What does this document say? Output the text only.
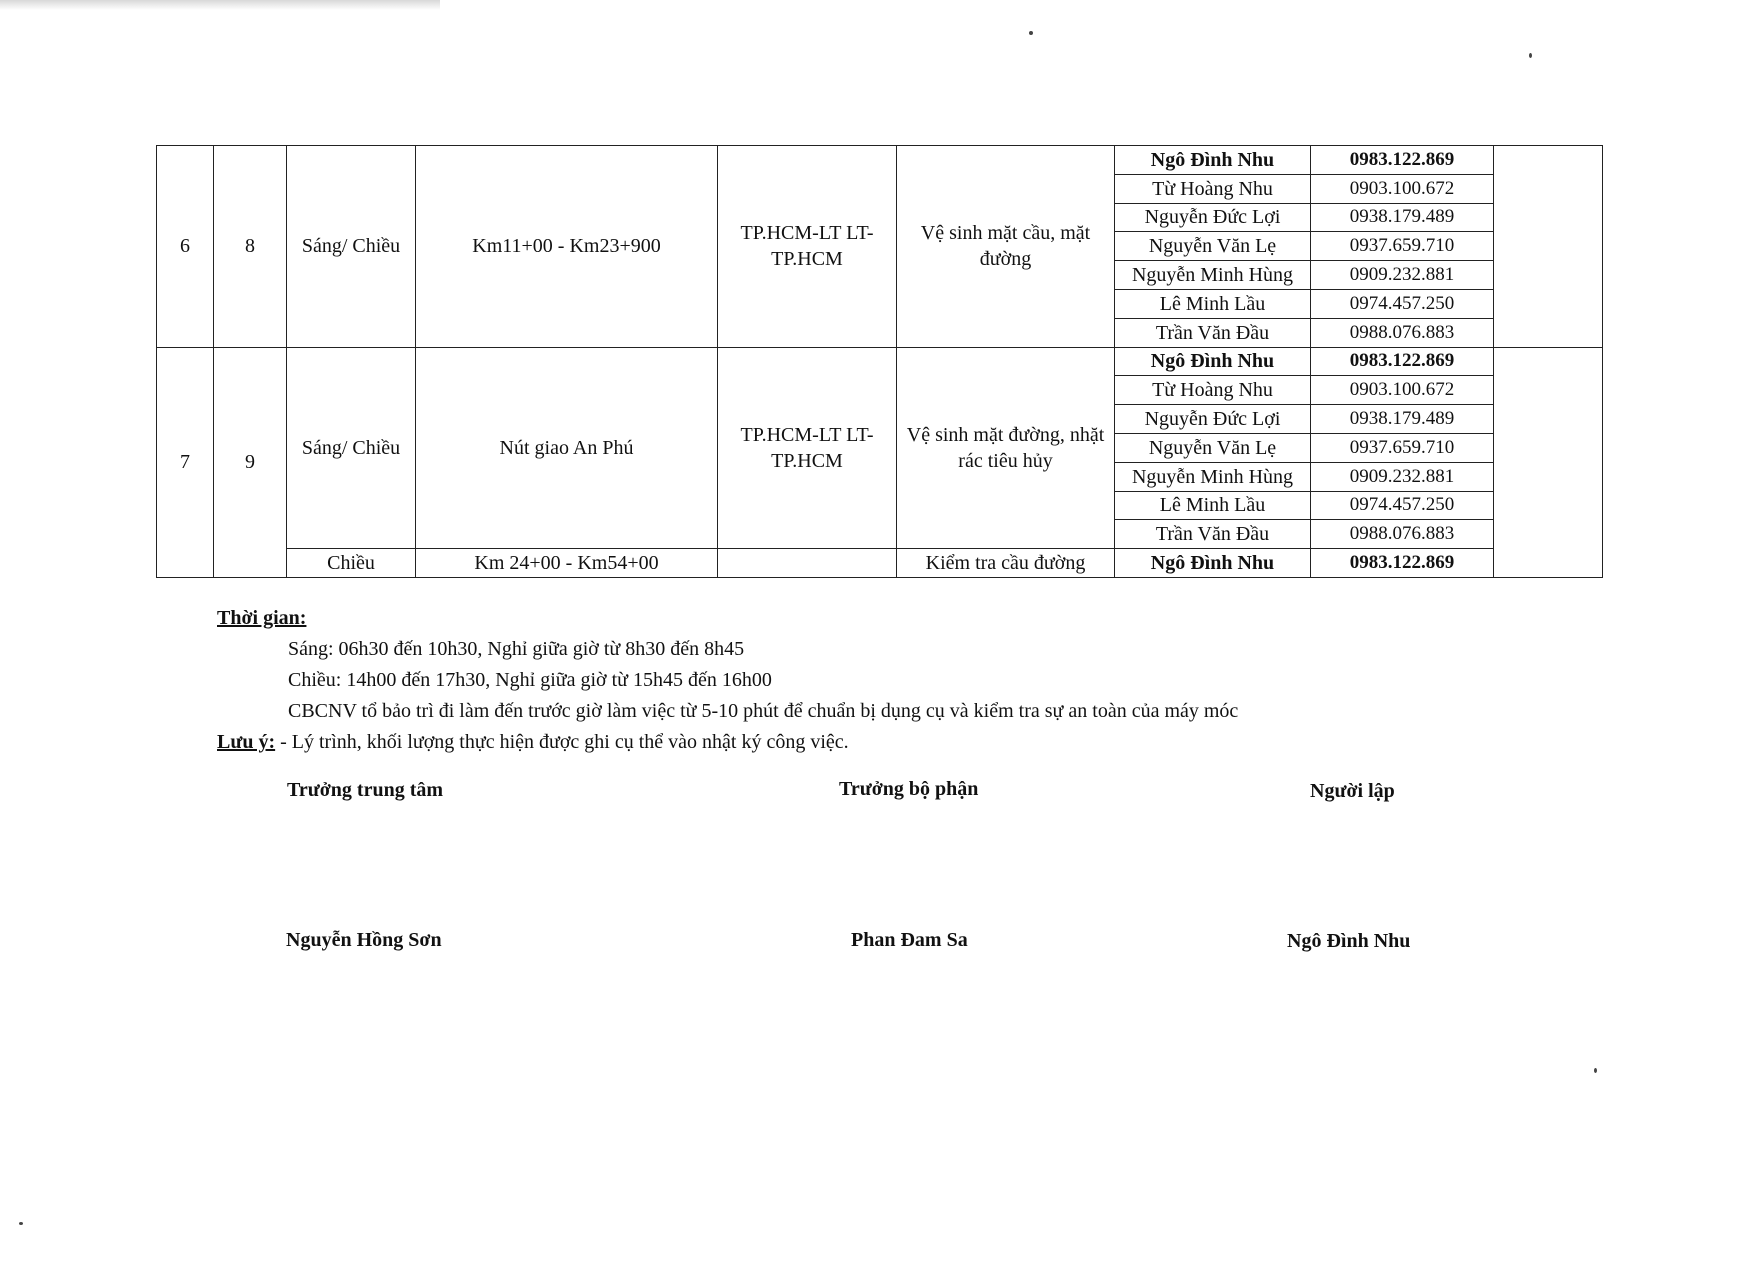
6	8	Sáng/ Chiều	Km11+00 - Km23+900	TP.HCM-LT LT-TP.HCM	Vệ sinh mặt cầu, mặt đường	Ngô Đình Nhu	0983.122.869	
						Từ Hoàng Nhu	0903.100.672	
						Nguyễn Đức Lợi	0938.179.489	
						Nguyễn Văn Lẹ	0937.659.710	
						Nguyễn Minh Hùng	0909.232.881	
						Lê Minh Lầu	0974.457.250	
						Trần Văn Đầu	0988.076.883	
7	9	Sáng/ Chiều	Nút giao An Phú	TP.HCM-LT LT-TP.HCM	Vệ sinh mặt đường, nhặt rác tiêu hủy	Ngô Đình Nhu	0983.122.869	
						Từ Hoàng Nhu	0903.100.672	
						Nguyễn Đức Lợi	0938.179.489	
						Nguyễn Văn Lẹ	0937.659.710	
						Nguyễn Minh Hùng	0909.232.881	
						Lê Minh Lầu	0974.457.250	
						Trần Văn Đầu	0988.076.883	
		Chiều	Km 24+00 - Km54+00		Kiểm tra cầu đường	Ngô Đình Nhu	0983.122.869	
Thời gian:
Sáng: 06h30 đến 10h30, Nghỉ giữa giờ từ 8h30 đến 8h45
Chiều: 14h00 đến 17h30, Nghỉ giữa giờ từ 15h45 đến 16h00
CBCNV tổ bảo trì đi làm đến trước giờ làm việc từ 5-10 phút để chuẩn bị dụng cụ và kiểm tra sự an toàn của máy móc
Lưu ý: - Lý trình, khối lượng thực hiện được ghi cụ thể vào nhật ký công việc.
Trưởng trung tâm	Trưởng bộ phận	Người lập
Nguyễn Hồng Sơn	Phan Đam Sa	Ngô Đình Nhu
